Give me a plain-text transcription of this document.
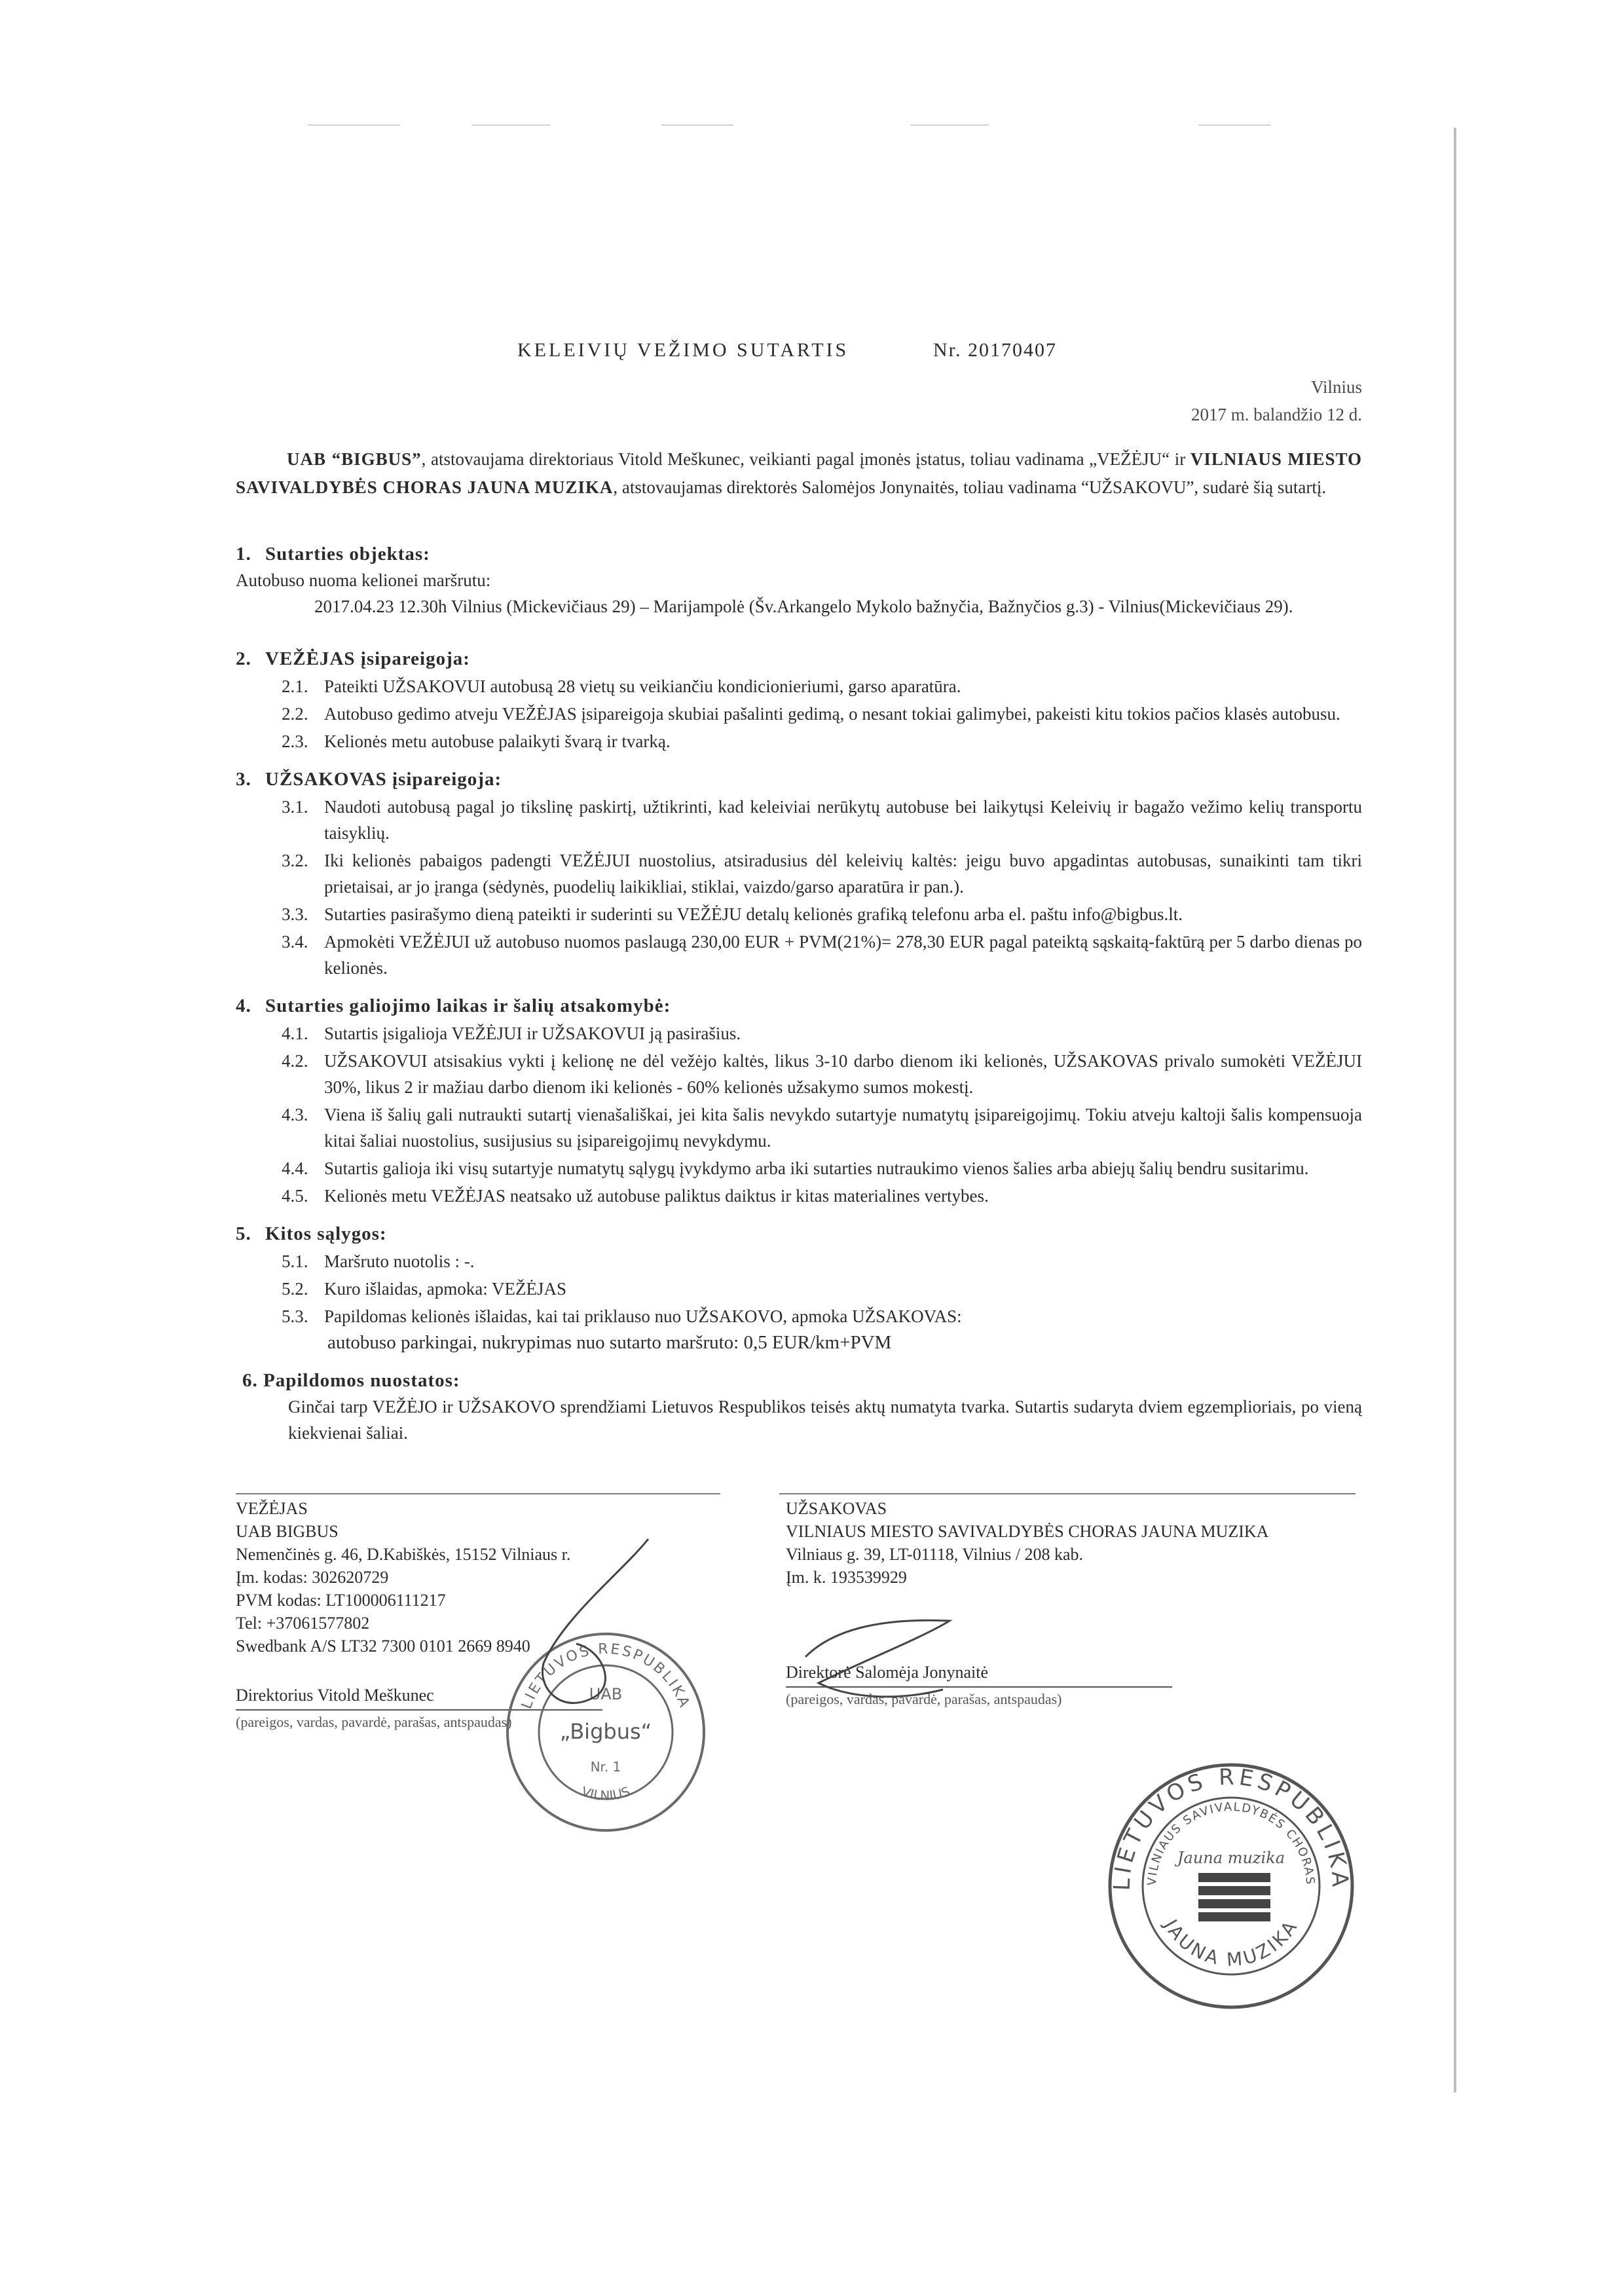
KELEIVIŲ VEŽIMO SUTARTIS	Nr. 20170407
Vilnius
2017 m. balandžio 12 d.
UAB “BIGBUS”, atstovaujama direktoriaus Vitold Meškunec, veikianti pagal įmonės įstatus, toliau vadinama „VEŽĖJU“ ir VILNIAUS MIESTO SAVIVALDYBĖS CHORAS JAUNA MUZIKA, atstovaujamas direktorės Salomėjos Jonynaitės, toliau vadinama “UŽSAKOVU”, sudarė šią sutartį.
1. Sutarties objektas:

Autobuso nuoma kelionei maršrutu:

2017.04.23 12.30h Vilnius (Mickevičiaus 29) – Marijampolė (Šv.Arkangelo Mykolo bažnyčia, Bažnyčios g.3) - Vilnius(Mickevičiaus 29).

2. VEŽĖJAS įsipareigoja:
2.1. Pateikti UŽSAKOVUI autobusą 28 vietų su veikiančiu kondicionieriumi, garso aparatūra.
2.2. Autobuso gedimo atveju VEŽĖJAS įsipareigoja skubiai pašalinti gedimą, o nesant tokiai galimybei, pakeisti kitu tokios pačios klasės autobusu.
2.3. Kelionės metu autobuse palaikyti švarą ir tvarką.
3. UŽSAKOVAS įsipareigoja:
3.1. Naudoti autobusą pagal jo tikslinę paskirtį, užtikrinti, kad keleiviai nerūkytų autobuse bei laikytųsi Keleivių ir bagažo vežimo kelių transportu taisyklių.
3.2. Iki kelionės pabaigos padengti VEŽĖJUI nuostolius, atsiradusius dėl keleivių kaltės: jeigu buvo apgadintas autobusas, sunaikinti tam tikri prietaisai, ar jo įranga (sėdynės, puodelių laikikliai, stiklai, vaizdo/garso aparatūra ir pan.).
3.3. Sutarties pasirašymo dieną pateikti ir suderinti su VEŽĖJU detalų kelionės grafiką telefonu arba el. paštu info@bigbus.lt.
3.4. Apmokėti VEŽĖJUI už autobuso nuomos paslaugą 230,00 EUR + PVM(21%)= 278,30 EUR pagal pateiktą sąskaitą-faktūrą per 5 darbo dienas po kelionės.
4. Sutarties galiojimo laikas ir šalių atsakomybė:
4.1. Sutartis įsigalioja VEŽĖJUI ir UŽSAKOVUI ją pasirašius.
4.2. UŽSAKOVUI atsisakius vykti į kelionę ne dėl vežėjo kaltės, likus 3-10 darbo dienom iki kelionės, UŽSAKOVAS privalo sumokėti VEŽĖJUI 30%, likus 2 ir mažiau darbo dienom iki kelionės - 60% kelionės užsakymo sumos mokestį.
4.3. Viena iš šalių gali nutraukti sutartį vienašališkai, jei kita šalis nevykdo sutartyje numatytų įsipareigojimų. Tokiu atveju kaltoji šalis kompensuoja kitai šaliai nuostolius, susijusius su įsipareigojimų nevykdymu.
4.4. Sutartis galioja iki visų sutartyje numatytų sąlygų įvykdymo arba iki sutarties nutraukimo vienos šalies arba abiejų šalių bendru susitarimu.
4.5. Kelionės metu VEŽĖJAS neatsako už autobuse paliktus daiktus ir kitas materialines vertybes.
5. Kitos sąlygos:
5.1. Maršruto nuotolis : -.
5.2. Kuro išlaidas, apmoka: VEŽĖJAS
5.3. Papildomas kelionės išlaidas, kai tai priklauso nuo UŽSAKOVO, apmoka UŽSAKOVAS:

autobuso parkingai, nukrypimas nuo sutarto maršruto: 0,5 EUR/km+PVM

6. Papildomos nuostatos:

Ginčai tarp VEŽĖJO ir UŽSAKOVO sprendžiami Lietuvos Respublikos teisės aktų numatyta tvarka. Sutartis sudaryta dviem egzemplioriais, po vieną kiekvienai šaliai.

VEŽĖJAS
UAB BIGBUS
Nemenčinės g. 46, D.Kabiškės, 15152 Vilniaus r.
Įm. kodas: 302620729
PVM kodas: LT100006111217
Tel: +37061577802
Swedbank A/S LT32 7300 0101 2669 8940
Direktorius Vitold Meškunec
(pareigos, vardas, pavardė, parašas, antspaudas)
UŽSAKOVAS
VILNIAUS MIESTO SAVIVALDYBĖS CHORAS JAUNA MUZIKA
Vilniaus g. 39, LT-01118, Vilnius / 208 kab.
Įm. k. 193539929
Direktorė Salomėja Jonynaitė
(pareigos, vardas, pavardė, parašas, antspaudas)
LIETUVOS RESPUBLIKA
UAB
„Bigbus“
Nr. 1
VILNIUS
LIETUVOS RESPUBLIKA
VILNIAUS SAVIVALDYBĖS CHORAS
Jauna muzika
JAUNA MUZIKA
